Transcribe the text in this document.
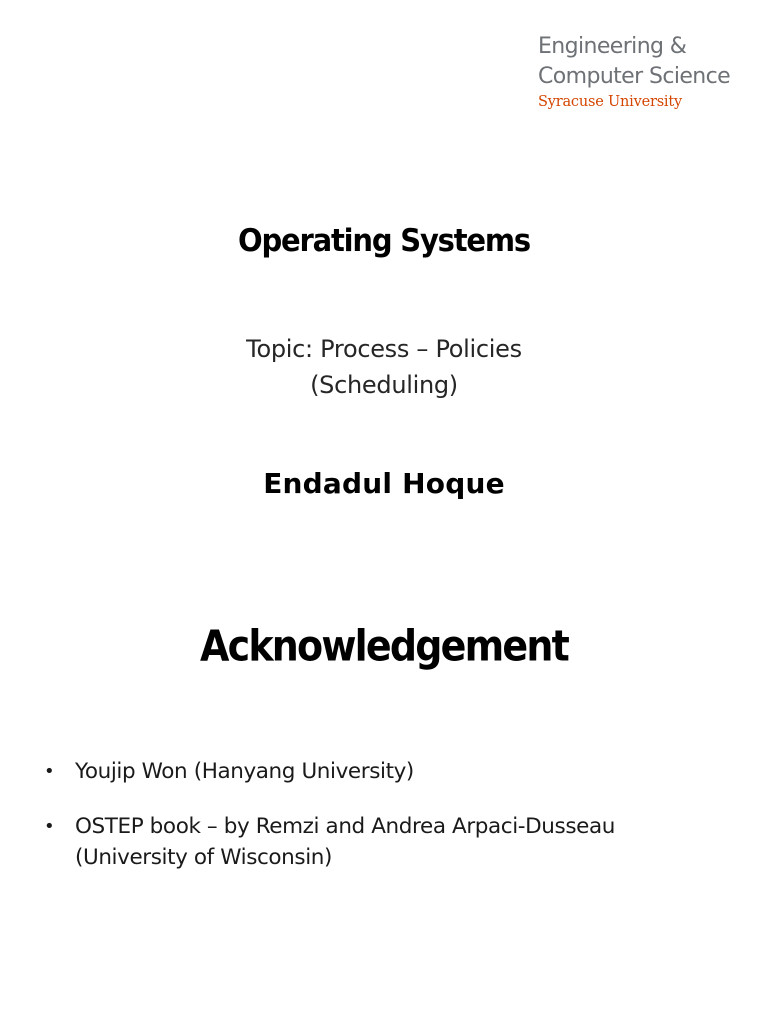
Engineering &
Computer Science
Syracuse University
Operating Systems
Topic: Process – Policies
(Scheduling)
Endadul Hoque
Acknowledgement
• Youjip Won (Hanyang University)
• OSTEP book – by Remzi and Andrea Arpaci-Dusseau
(University of Wisconsin)
